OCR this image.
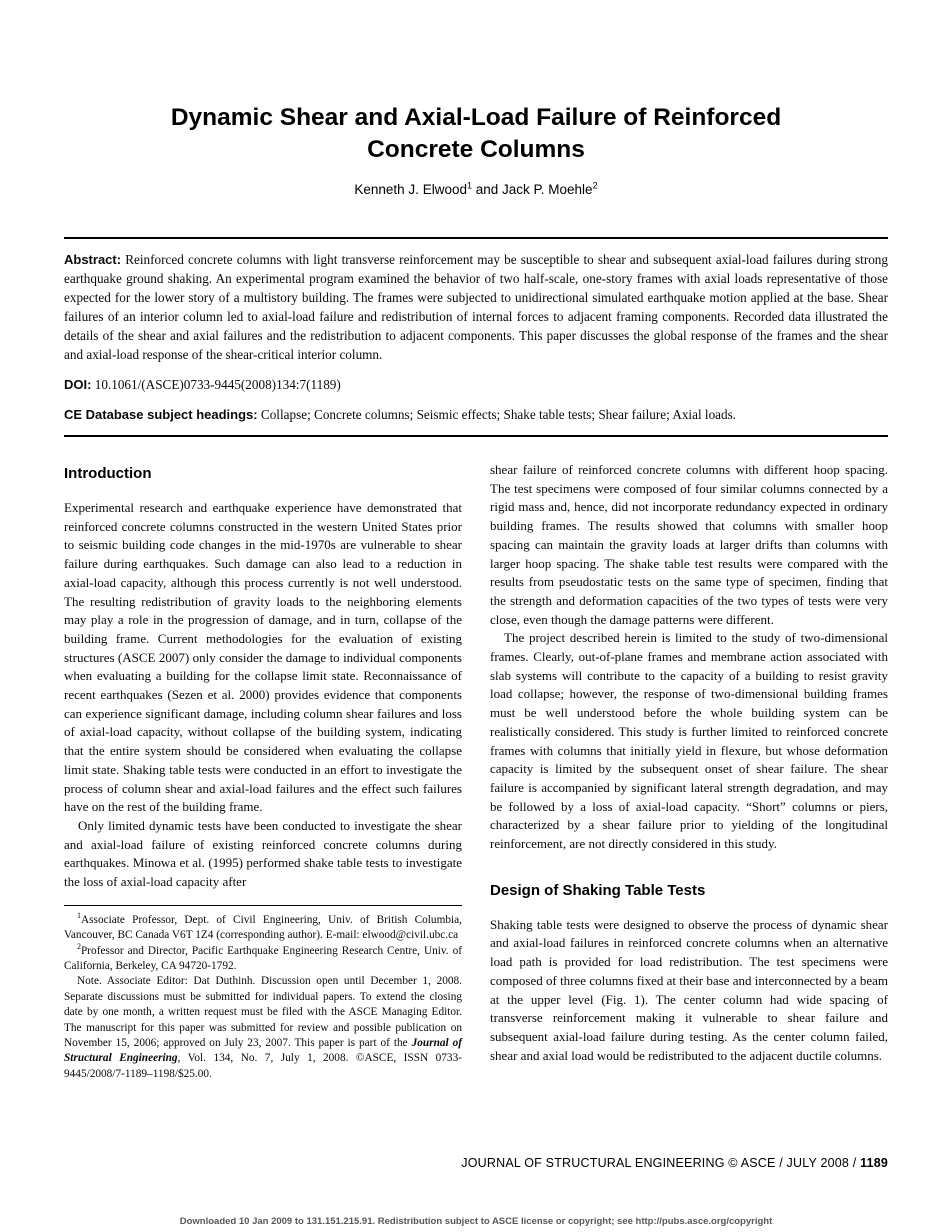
Dynamic Shear and Axial-Load Failure of Reinforced
Concrete Columns
Kenneth J. Elwood$^1$ and Jack P. Moehle$^2$

Abstract: Reinforced concrete columns with light transverse reinforcement may be susceptible to shear and subsequent axial-load failures during strong earthquake ground shaking. An experimental program examined the behavior of two half-scale, one-story frames with axial loads representative of those expected for the lower story of a multistory building. The frames were subjected to unidirectional simulated earthquake motion applied at the base. Shear failures of an interior column led to axial-load failure and redistribution of internal forces to adjacent framing components. Recorded data illustrated the details of the shear and axial failures and the redistribution to adjacent components. This paper discusses the global response of the frames and the shear and axial-load response of the shear-critical interior column.

DOI: 10.1061/(ASCE)0733-9445(2008)134:7(1189)

CE Database subject headings: Collapse; Concrete columns; Seismic effects; Shake table tests; Shear failure; Axial loads.

Introduction

Experimental research and earthquake experience have demonstrated that reinforced concrete columns constructed in the western United States prior to seismic building code changes in the mid-1970s are vulnerable to shear failure during earthquakes. Such damage can also lead to a reduction in axial-load capacity, although this process currently is not well understood. The resulting redistribution of gravity loads to the neighboring elements may play a role in the progression of damage, and in turn, collapse of the building frame. Current methodologies for the evaluation of existing structures (ASCE 2007) only consider the damage to individual components when evaluating a building for the collapse limit state. Reconnaissance of recent earthquakes (Sezen et al. 2000) provides evidence that components can experience significant damage, including column shear failures and loss of axial-load capacity, without collapse of the building system, indicating that the entire system should be considered when evaluating the collapse limit state. Shaking table tests were conducted in an effort to investigate the process of column shear and axial-load failures and the effect such failures have on the rest of the building frame.

Only limited dynamic tests have been conducted to investigate the shear and axial-load failure of existing reinforced concrete columns during earthquakes. Minowa et al. (1995) performed shake table tests to investigate the loss of axial-load capacity after

$^1$Associate Professor, Dept. of Civil Engineering, Univ. of British Columbia, Vancouver, BC Canada V6T 1Z4 (corresponding author). E-mail: elwood@civil.ubc.ca

$^2$Professor and Director, Pacific Earthquake Engineering Research Centre, Univ. of California, Berkeley, CA 94720-1792.

Note. Associate Editor: Dat Duthinh. Discussion open until December 1, 2008. Separate discussions must be submitted for individual papers. To extend the closing date by one month, a written request must be filed with the ASCE Managing Editor. The manuscript for this paper was submitted for review and possible publication on November 15, 2006; approved on July 23, 2007. This paper is part of the Journal of Structural Engineering, Vol. 134, No. 7, July 1, 2008. ©ASCE, ISSN 0733-9445/2008/7-1189–1198/$25.00.

shear failure of reinforced concrete columns with different hoop spacing. The test specimens were composed of four similar columns connected by a rigid mass and, hence, did not incorporate redundancy expected in ordinary building frames. The results showed that columns with smaller hoop spacing can maintain the gravity loads at larger drifts than columns with larger hoop spacing. The shake table test results were compared with the results from pseudostatic tests on the same type of specimen, finding that the strength and deformation capacities of the two types of tests were very close, even though the damage patterns were different.

The project described herein is limited to the study of two-dimensional frames. Clearly, out-of-plane frames and membrane action associated with slab systems will contribute to the capacity of a building to resist gravity load collapse; however, the response of two-dimensional building frames must be well understood before the whole building system can be realistically considered. This study is further limited to reinforced concrete frames with columns that initially yield in flexure, but whose deformation capacity is limited by the subsequent onset of shear failure. The shear failure is accompanied by significant lateral strength degradation, and may be followed by a loss of axial-load capacity. “Short” columns or piers, characterized by a shear failure prior to yielding of the longitudinal reinforcement, are not directly considered in this study.

Design of Shaking Table Tests

Shaking table tests were designed to observe the process of dynamic shear and axial-load failures in reinforced concrete columns when an alternative load path is provided for load redistribution. The test specimens were composed of three columns fixed at their base and interconnected by a beam at the upper level (Fig. 1). The center column had wide spacing of transverse reinforcement making it vulnerable to shear failure and subsequent axial-load failure during testing. As the center column failed, shear and axial load would be redistributed to the adjacent ductile columns.

JOURNAL OF STRUCTURAL ENGINEERING © ASCE / JULY 2008 / 1189
Downloaded 10 Jan 2009 to 131.151.215.91. Redistribution subject to ASCE license or copyright; see http://pubs.asce.org/copyright
